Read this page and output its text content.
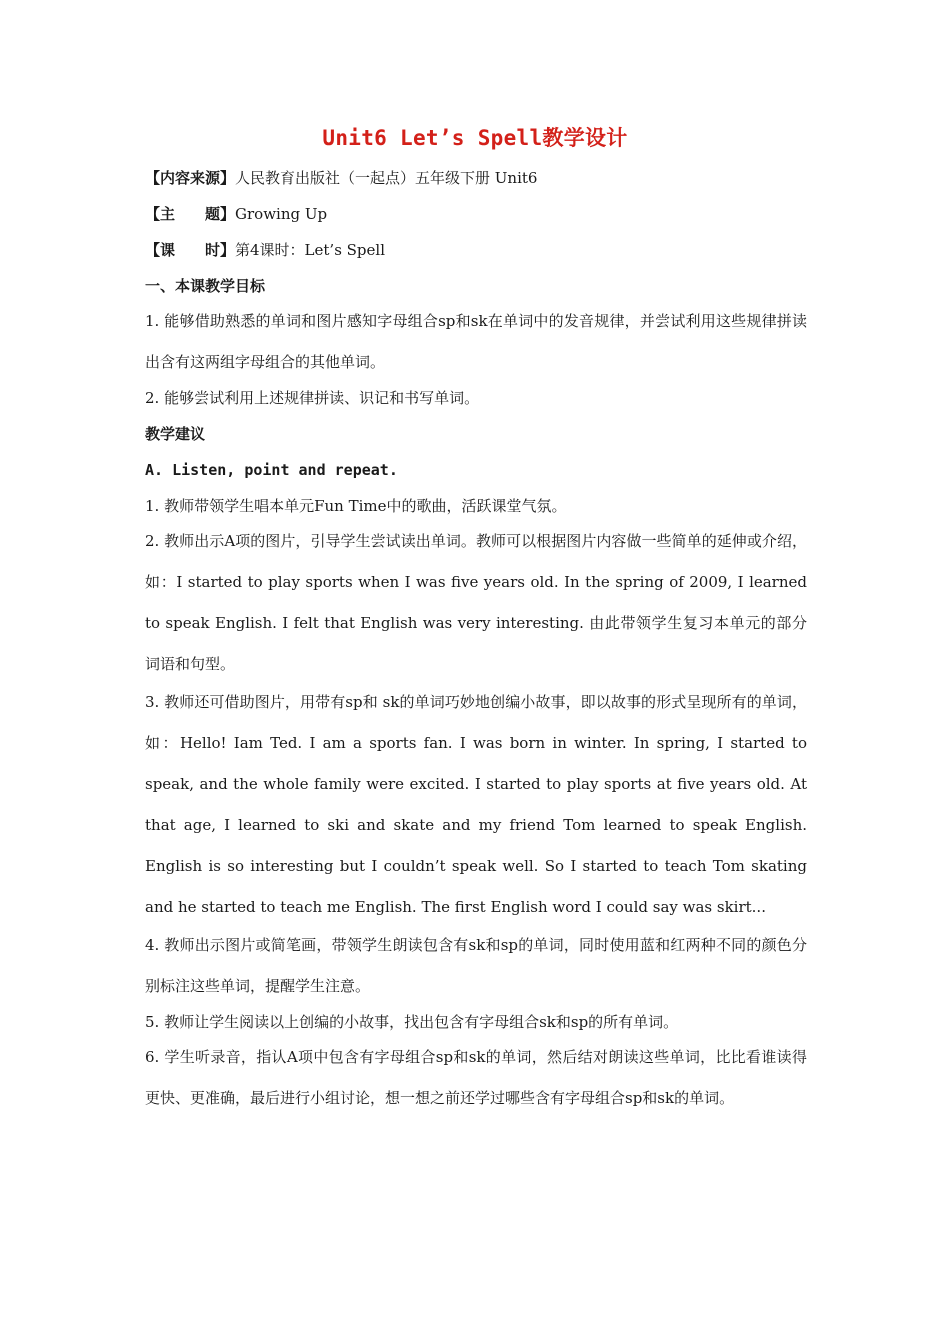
Unit6 Let’s Spell教学设计
【内容来源】人民教育出版社（一起点）五年级下册 Unit6
【主　　题】Growing Up
【课　　时】第4课时：Let’s Spell
一、本课教学目标
1. 能够借助熟悉的单词和图片感知字母组合sp和sk在单词中的发音规律，并尝试利用这些规律拼读出含有这两组字母组合的其他单词。
2. 能够尝试利用上述规律拼读、识记和书写单词。
教学建议
A. Listen, point and repeat.
1. 教师带领学生唱本单元Fun Time中的歌曲，活跃课堂气氛。
2. 教师出示A项的图片，引导学生尝试读出单词。教师可以根据图片内容做一些简单的延伸或介绍，如：I started to play sports when I was five years old. In the spring of 2009, I learned to speak English. I felt that English was very interesting. 由此带领学生复习本单元的部分词语和句型。
3. 教师还可借助图片，用带有sp和 sk的单词巧妙地创编小故事，即以故事的形式呈现所有的单词，如：Hello! Iam Ted. I am a sports fan. I was born in winter. In spring, I started to speak, and the whole family were excited. I started to play sports at five years old. At that age, I learned to ski and skate and my friend Tom learned to speak English. English is so interesting but I couldn’t speak well. So I started to teach Tom skating and he started to teach me English. The first English word I could say was skirt...
4. 教师出示图片或简笔画，带领学生朗读包含有sk和sp的单词，同时使用蓝和红两种不同的颜色分别标注这些单词，提醒学生注意。
5. 教师让学生阅读以上创编的小故事，找出包含有字母组合sk和sp的所有单词。
6. 学生听录音，指认A项中包含有字母组合sp和sk的单词，然后结对朗读这些单词，比比看谁读得更快、更准确，最后进行小组讨论，想一想之前还学过哪些含有字母组合sp和sk的单词。
